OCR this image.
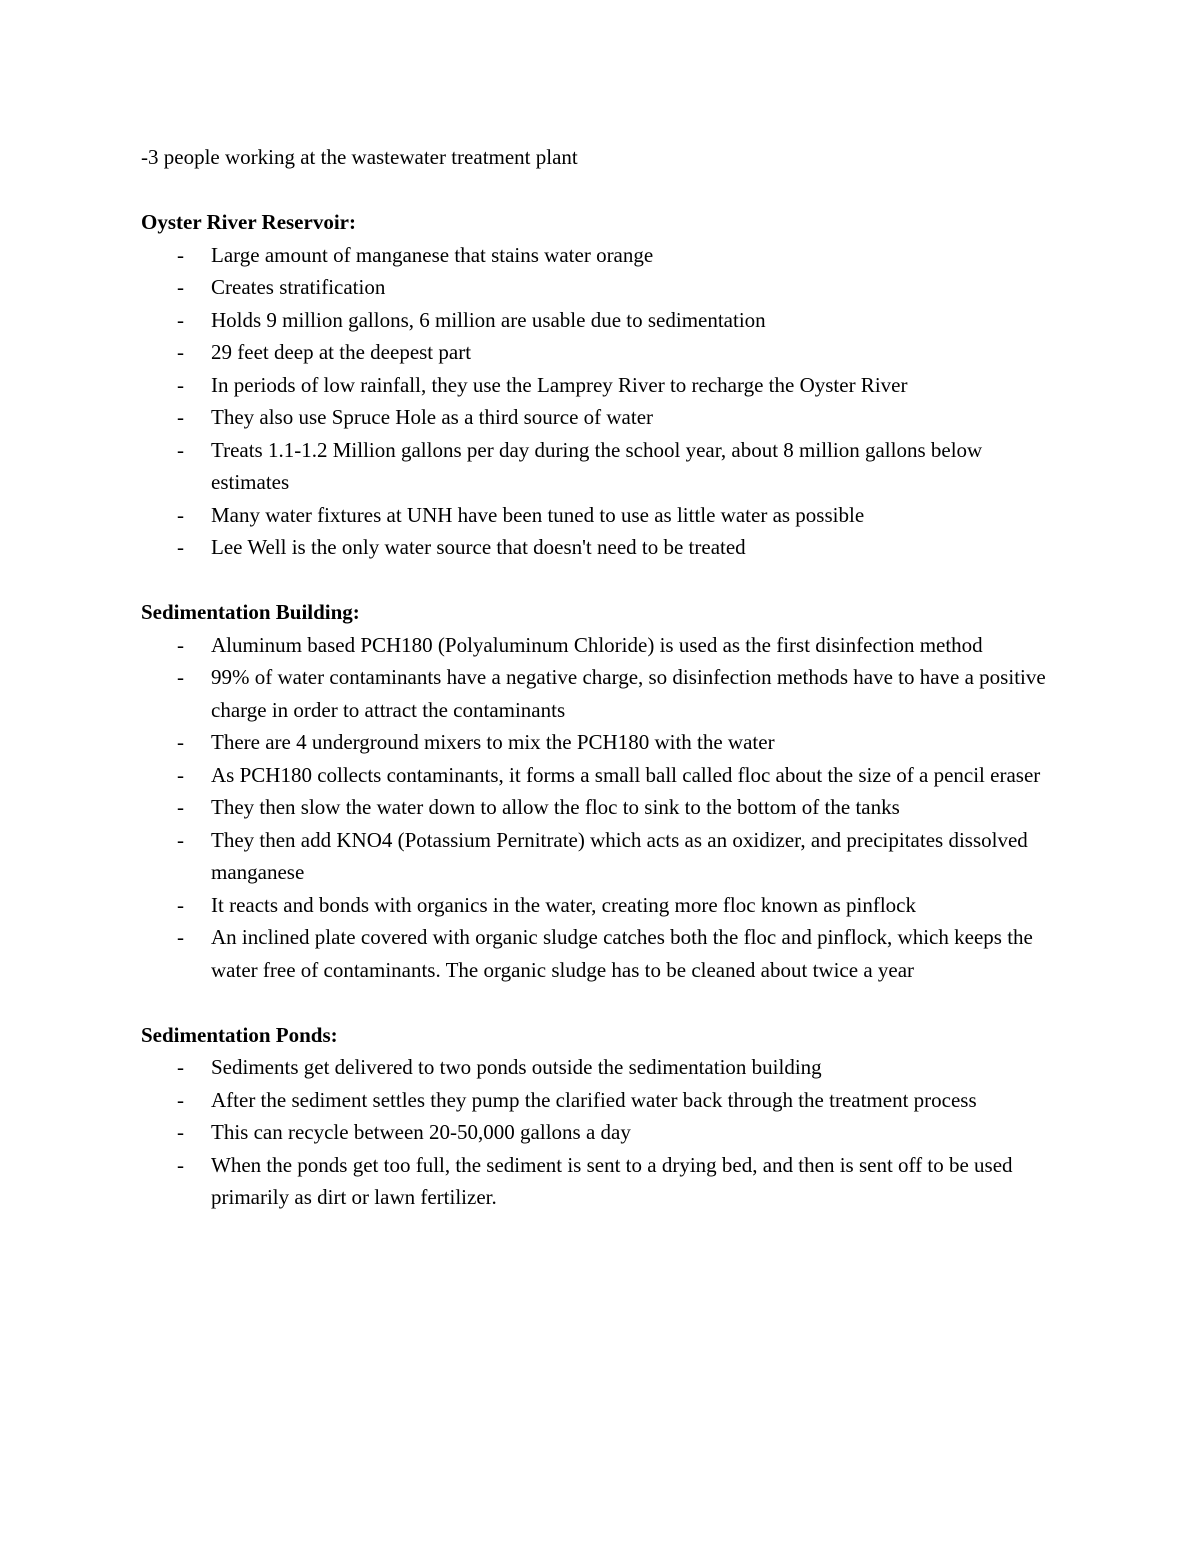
-3 people working at the wastewater treatment plant

Oyster River Reservoir:

- Large amount of manganese that stains water orange
- Creates stratification
- Holds 9 million gallons, 6 million are usable due to sedimentation
- 29 feet deep at the deepest part
- In periods of low rainfall, they use the Lamprey River to recharge the Oyster River
- They also use Spruce Hole as a third source of water
- Treats 1.1-1.2 Million gallons per day during the school year, about 8 million gallons below estimates
- Many water fixtures at UNH have been tuned to use as little water as possible
- Lee Well is the only water source that doesn't need to be treated

Sedimentation Building:

- Aluminum based PCH180 (Polyaluminum Chloride) is used as the first disinfection method
- 99% of water contaminants have a negative charge, so disinfection methods have to have a positive charge in order to attract the contaminants
- There are 4 underground mixers to mix the PCH180 with the water
- As PCH180 collects contaminants, it forms a small ball called floc about the size of a pencil eraser
- They then slow the water down to allow the floc to sink to the bottom of the tanks
- They then add KNO4 (Potassium Pernitrate) which acts as an oxidizer, and precipitates dissolved manganese
- It reacts and bonds with organics in the water, creating more floc known as pinflock
- An inclined plate covered with organic sludge catches both the floc and pinflock, which keeps the water free of contaminants. The organic sludge has to be cleaned about twice a year

Sedimentation Ponds:

- Sediments get delivered to two ponds outside the sedimentation building
- After the sediment settles they pump the clarified water back through the treatment process
- This can recycle between 20-50,000 gallons a day
- When the ponds get too full, the sediment is sent to a drying bed, and then is sent off to be used primarily as dirt or lawn fertilizer.
